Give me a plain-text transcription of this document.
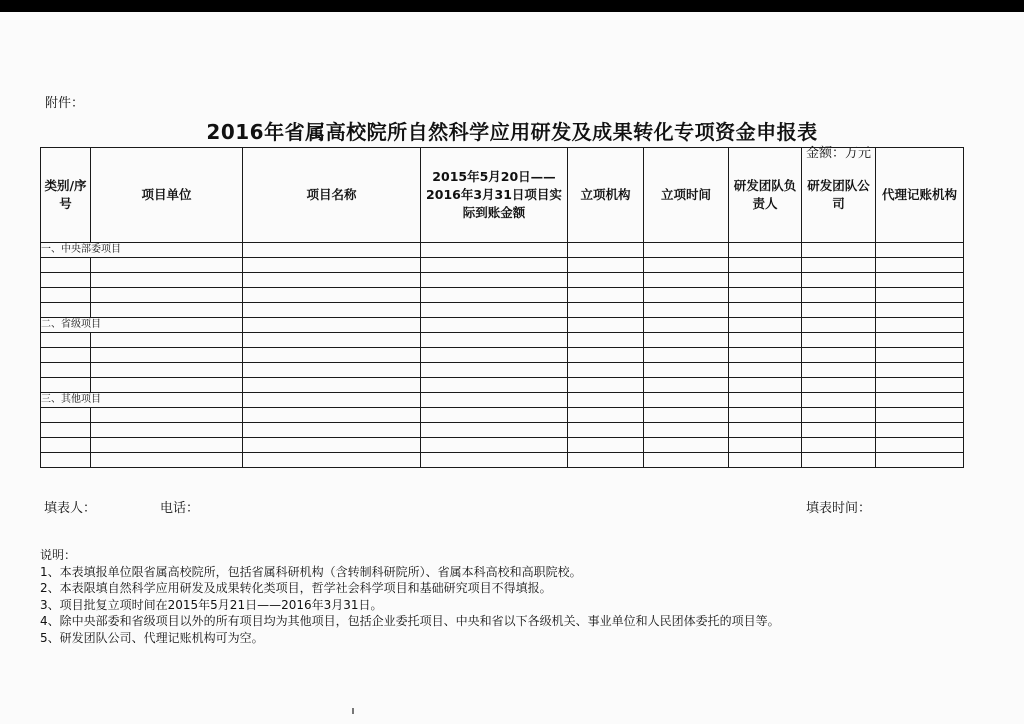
附件：
2016年省属高校院所自然科学应用研发及成果转化专项资金申报表
金额：万元
类别/序号	项目单位	项目名称	2015年5月20日——2016年3月31日项目实际到账金额	立项机构	立项时间	研发团队负责人	研发团队公司	代理记账机构
一、中央部委项目								

二、省级项目								

三、其他项目								

填表人：	电话：	填表时间：
说明：
1、本表填报单位限省属高校院所，包括省属科研机构（含转制科研院所）、省属本科高校和高职院校。
2、本表限填自然科学应用研发及成果转化类项目，哲学社会科学项目和基础研究项目不得填报。
3、项目批复立项时间在2015年5月21日——2016年3月31日。
4、除中央部委和省级项目以外的所有项目均为其他项目，包括企业委托项目、中央和省以下各级机关、事业单位和人民团体委托的项目等。
5、研发团队公司、代理记账机构可为空。
